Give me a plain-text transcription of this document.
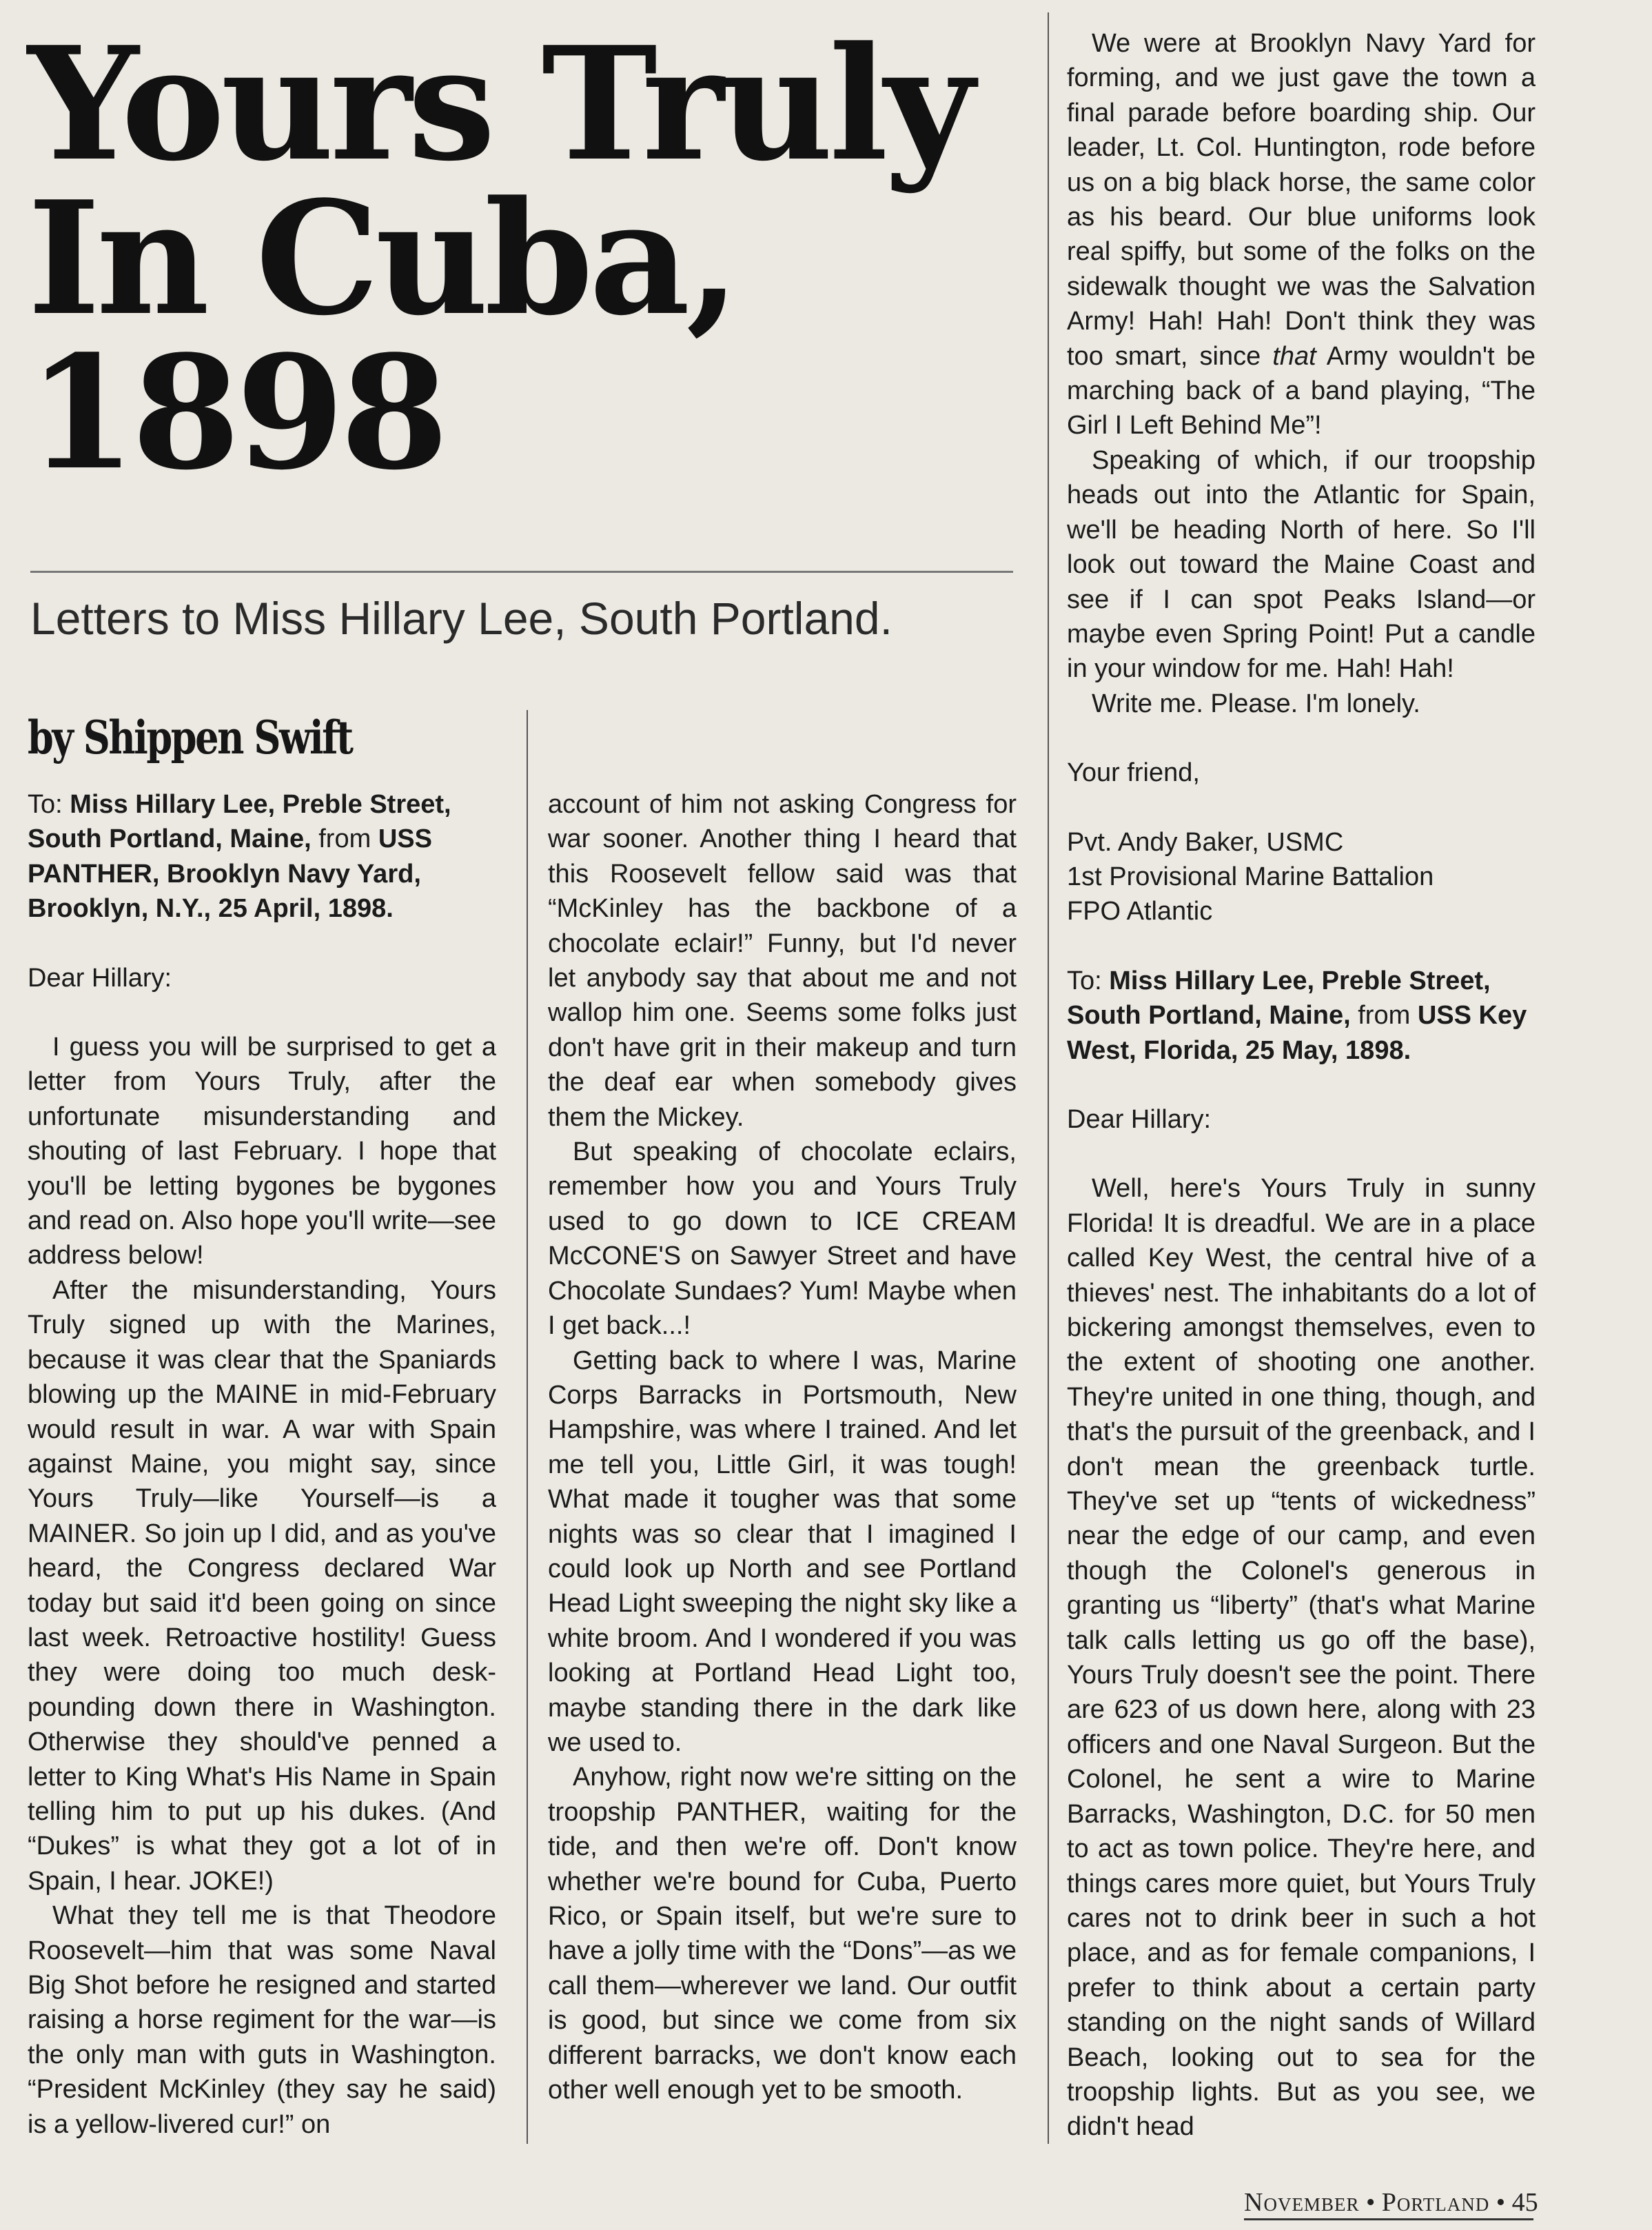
Yours Truly
In Cuba,
1898
Letters to Miss Hillary Lee, South Portland.
by Shippen Swift

To: Miss Hillary Lee, Preble Street, South Portland, Maine, from USS PANTHER, Brooklyn Navy Yard, Brooklyn, N.Y., 25 April, 1898.

Dear Hillary:

I guess you will be surprised to get a letter from Yours Truly, after the unfortunate misunderstanding and shouting of last February. I hope that you'll be letting bygones be bygones and read on. Also hope you'll write—see address below!

After the misunderstanding, Yours Truly signed up with the Marines, because it was clear that the Spaniards blowing up the MAINE in mid-February would result in war. A war with Spain against Maine, you might say, since Yours Truly—like Yourself—is a MAINER. So join up I did, and as you've heard, the Congress declared War today but said it'd been going on since last week. Retroactive hostility! Guess they were doing too much desk-pounding down there in Washington. Otherwise they should've penned a letter to King What's His Name in Spain telling him to put up his dukes. (And “Dukes” is what they got a lot of in Spain, I hear. JOKE!)

What they tell me is that Theodore Roosevelt—him that was some Naval Big Shot before he resigned and started raising a horse regiment for the war—is the only man with guts in Washington. “President McKinley (they say he said) is a yellow-livered cur!” on

account of him not asking Congress for war sooner. Another thing I heard that this Roosevelt fellow said was that “McKinley has the backbone of a chocolate eclair!” Funny, but I'd never let anybody say that about me and not wallop him one. Seems some folks just don't have grit in their makeup and turn the deaf ear when somebody gives them the Mickey.

But speaking of chocolate eclairs, remember how you and Yours Truly used to go down to ICE CREAM McCONE'S on Sawyer Street and have Chocolate Sundaes? Yum! Maybe when I get back...!

Getting back to where I was, Marine Corps Barracks in Portsmouth, New Hampshire, was where I trained. And let me tell you, Little Girl, it was tough! What made it tougher was that some nights was so clear that I imagined I could look up North and see Portland Head Light sweeping the night sky like a white broom. And I wondered if you was looking at Portland Head Light too, maybe standing there in the dark like we used to.

Anyhow, right now we're sitting on the troopship PANTHER, waiting for the tide, and then we're off. Don't know whether we're bound for Cuba, Puerto Rico, or Spain itself, but we're sure to have a jolly time with the “Dons”—as we call them—wherever we land. Our outfit is good, but since we come from six different barracks, we don't know each other well enough yet to be smooth.

We were at Brooklyn Navy Yard for forming, and we just gave the town a final parade before boarding ship. Our leader, Lt. Col. Huntington, rode before us on a big black horse, the same color as his beard. Our blue uniforms look real spiffy, but some of the folks on the sidewalk thought we was the Salvation Army! Hah! Hah! Don't think they was too smart, since that Army wouldn't be marching back of a band playing, “The Girl I Left Behind Me”!

Speaking of which, if our troopship heads out into the Atlantic for Spain, we'll be heading North of here. So I'll look out toward the Maine Coast and see if I can spot Peaks Island—or maybe even Spring Point! Put a candle in your window for me. Hah! Hah!

Write me. Please. I'm lonely.

Your friend,

Pvt. Andy Baker, USMC

1st Provisional Marine Battalion

FPO Atlantic

To: Miss Hillary Lee, Preble Street, South Portland, Maine, from USS Key West, Florida, 25 May, 1898.

Dear Hillary:

Well, here's Yours Truly in sunny Florida! It is dreadful. We are in a place called Key West, the central hive of a thieves' nest. The inhabitants do a lot of bickering amongst themselves, even to the extent of shooting one another. They're united in one thing, though, and that's the pursuit of the greenback, and I don't mean the greenback turtle. They've set up “tents of wickedness” near the edge of our camp, and even though the Colonel's generous in granting us “liberty” (that's what Marine talk calls letting us go off the base), Yours Truly doesn't see the point. There are 623 of us down here, along with 23 officers and one Naval Surgeon. But the Colonel, he sent a wire to Marine Barracks, Washington, D.C. for 50 men to act as town police. They're here, and things cares more quiet, but Yours Truly cares not to drink beer in such a hot place, and as for female companions, I prefer to think about a certain party standing on the night sands of Willard Beach, looking out to sea for the troopship lights. But as you see, we didn't head

November • Portland • 45
